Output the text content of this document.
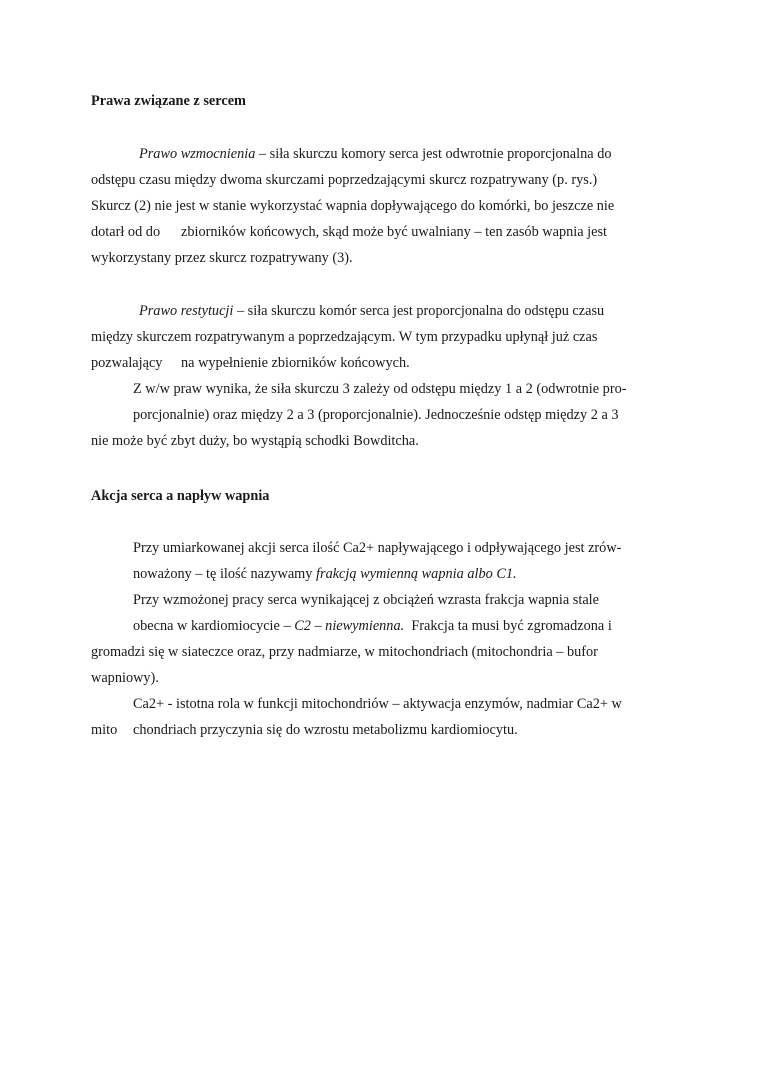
Prawa związane z sercem
Prawo wzmocnienia – siła skurczu komory serca jest odwrotnie proporcjonalna do
odstępu czasu między dwoma skurczami poprzedzającymi skurcz rozpatrywany (p. rys.)
Skurcz (2) nie jest w stanie wykorzystać wapnia dopływającego do komórki, bo jeszcze nie
dotarł od do zbiorników końcowych, skąd może być uwalniany – ten zasób wapnia jest
wykorzystany przez skurcz rozpatrywany (3).
Prawo restytucji – siła skurczu komór serca jest proporcjonalna do odstępu czasu
między skurczem rozpatrywanym a poprzedzającym. W tym przypadku upłynął już czas
pozwalający na wypełnienie zbiorników końcowych.
Z w/w praw wynika, że siła skurczu 3 zależy od odstępu między 1 a 2 (odwrotnie pro-
porcjonalnie) oraz między 2 a 3 (proporcjonalnie). Jednocześnie odstęp między 2 a 3
nie może być zbyt duży, bo wystąpią schodki Bowditcha.
Akcja serca a napływ wapnia
Przy umiarkowanej akcji serca ilość Ca2+ napływającego i odpływającego jest zrów-
noważony – tę ilość nazywamy frakcją wymienną wapnia albo C1.
Przy wzmożonej pracy serca wynikającej z obciążeń wzrasta frakcja wapnia stale
obecna w kardiomiocycie – C2 – niewymienna.  Frakcja ta musi być zgromadzona i
gromadzi się w siateczce oraz, przy nadmiarze, w mitochondriach (mitochondria – bufor
wapniowy).
Ca2+ - istotna rola w funkcji mitochondriów – aktywacja enzymów, nadmiar Ca2+ w
mito chondriach przyczynia się do wzrostu metabolizmu kardiomiocytu.
